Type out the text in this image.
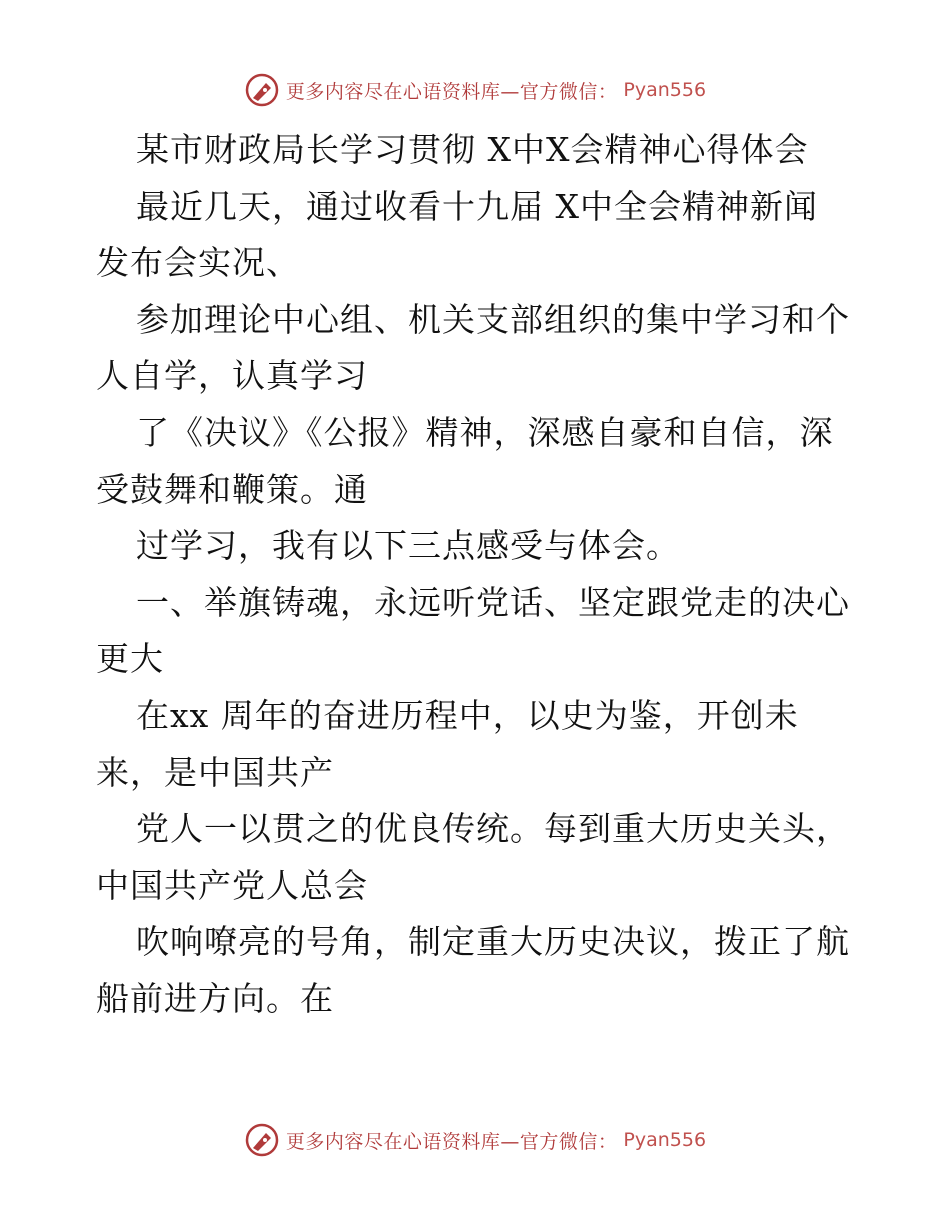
更多内容尽在心语资料库—官方微信： Pyan556
某市财政局长学习贯彻 X中X会精神心得体会
最近几天，通过收看十九届 X中全会精神新闻
发布会实况、
参加理论中心组、机关支部组织的集中学习和个
人自学，认真学习
了《决议》《公报》精神，深感自豪和自信，深
受鼓舞和鞭策。通
过学习，我有以下三点感受与体会。
一、举旗铸魂，永远听党话、坚定跟党走的决心
更大
在xx 周年的奋进历程中，以史为鉴，开创未
来，是中国共产
党人一以贯之的优良传统。每到重大历史关头，
中国共产党人总会
吹响嘹亮的号角，制定重大历史决议，拨正了航
船前进方向。在
更多内容尽在心语资料库—官方微信： Pyan556
